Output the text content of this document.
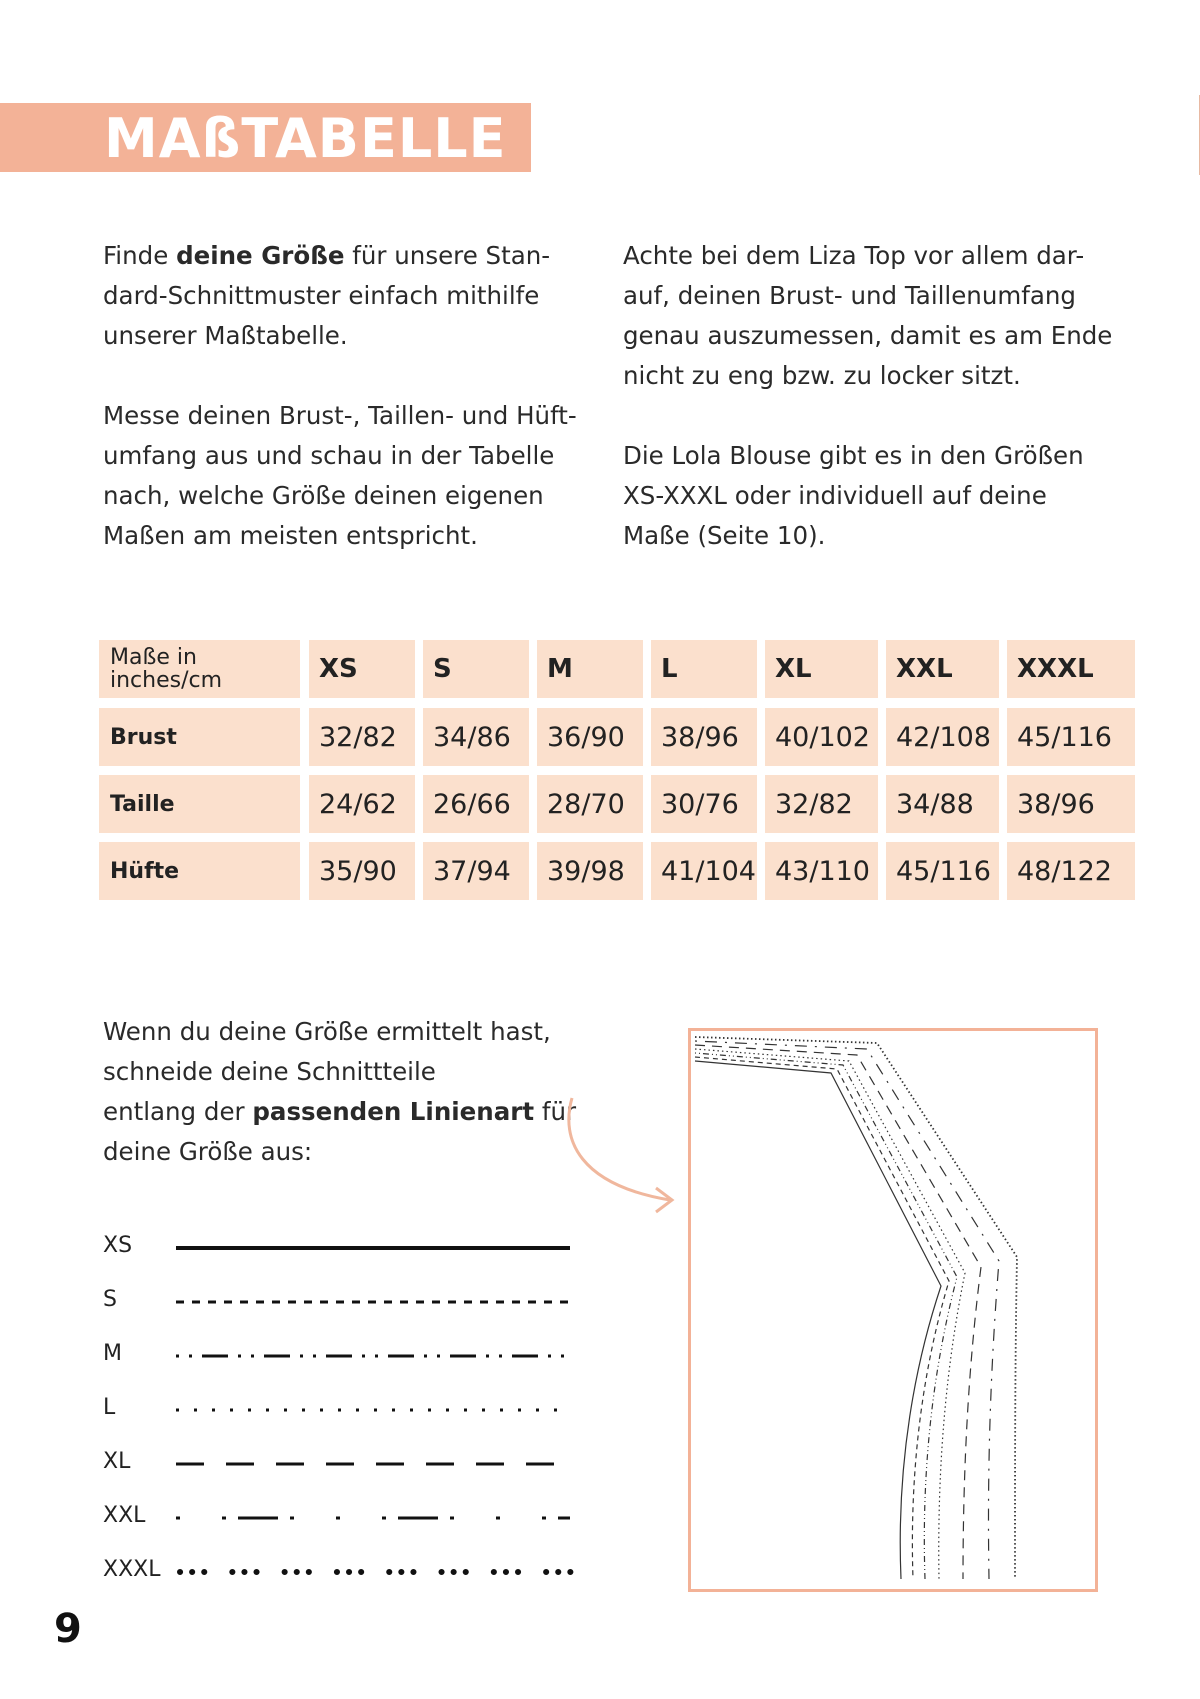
MAßTABELLE
Finde deine Größe für unsere Stan-
dard-Schnittmuster einfach mithilfe
unserer Maßtabelle.
Messe deinen Brust-, Taillen- und Hüft-
umfang aus und schau in der Tabelle
nach, welche Größe deinen eigenen
Maßen am meisten entspricht.
Achte bei dem Liza Top vor allem dar-
auf, deinen Brust- und Taillenumfang
genau auszumessen, damit es am Ende
nicht zu eng bzw. zu locker sitzt.
Die Lola Blouse gibt es in den Größen
XS-XXXL oder individuell auf deine
Maße (Seite 10).
Maße in
inches/cm	XS	S	M	L	XL	XXL	XXXL
Brust	32/82	34/86	36/90	38/96	40/102 42/108 45/116
Taille	24/62	26/66	28/70	30/76	32/82	34/88	38/96
Hüfte	35/90	37/94	39/98	41/104 43/110 45/116 48/122
Wenn du deine Größe ermittelt hast,
schneide deine Schnittteile
entlang der passenden Linienart für
deine Größe aus:
XS
S
M
L
XL
XXL
XXXL
9
